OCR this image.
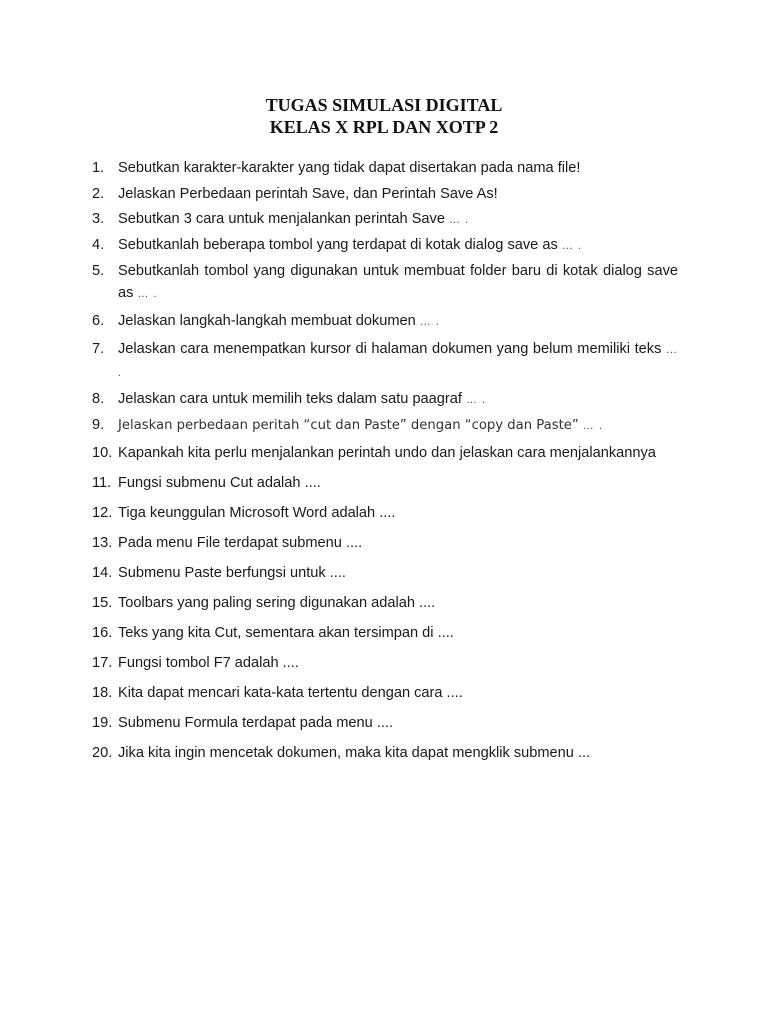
TUGAS SIMULASI DIGITAL
KELAS X RPL DAN XOTP 2
1. Sebutkan karakter-karakter yang tidak dapat disertakan pada nama file!
2. Jelaskan Perbedaan perintah Save, dan Perintah Save As!
3. Sebutkan 3 cara untuk menjalankan perintah Save … .
4. Sebutkanlah beberapa tombol yang terdapat di kotak dialog save as … .
5. Sebutkanlah tombol yang digunakan untuk membuat folder baru di kotak dialog save as … .
6. Jelaskan langkah-langkah membuat dokumen … .
7. Jelaskan cara menempatkan kursor di halaman dokumen yang belum memiliki teks … .
8. Jelaskan cara untuk memilih teks dalam satu paagraf … .
9. Jelaskan perbedaan peritah “cut dan Paste” dengan “copy dan Paste” … .
10. Kapankah kita perlu menjalankan perintah undo dan jelaskan cara menjalankannya
11. Fungsi submenu Cut adalah ....
12. Tiga keunggulan Microsoft Word adalah ....
13. Pada menu File terdapat submenu ....
14. Submenu Paste berfungsi untuk ....
15. Toolbars yang paling sering digunakan adalah ....
16. Teks yang kita Cut, sementara akan tersimpan di ....
17. Fungsi tombol F7 adalah ....
18. Kita dapat mencari kata-kata tertentu dengan cara ....
19. Submenu Formula terdapat pada menu ....
20. Jika kita ingin mencetak dokumen, maka kita dapat mengklik submenu ...
